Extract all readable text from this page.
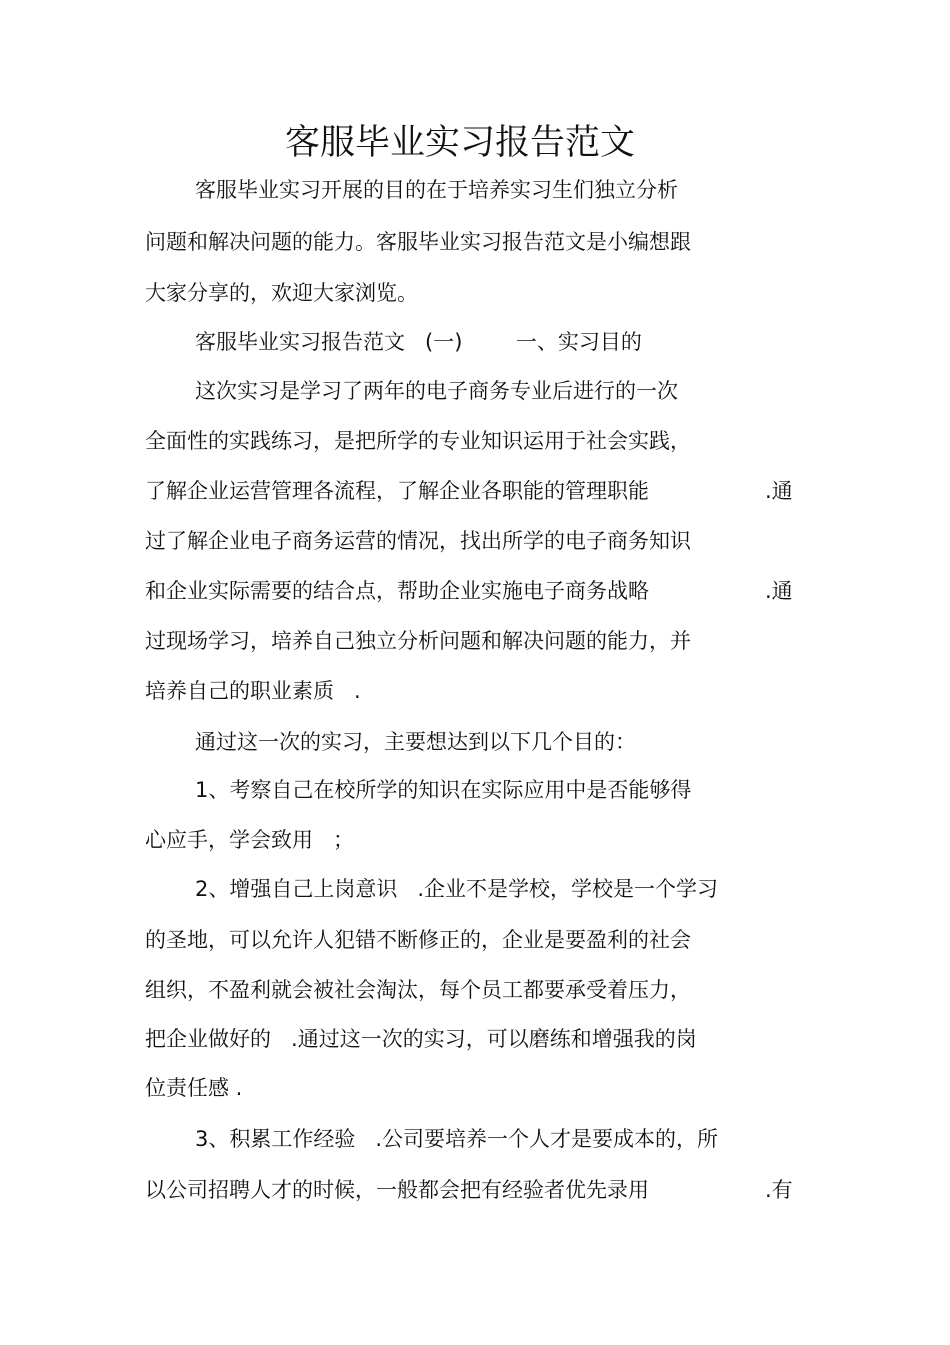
客服毕业实习报告范文
客服毕业实习开展的目的在于培养实习生们独立分析
问题和解决问题的能力。客服毕业实习报告范文是小编想跟
大家分享的，欢迎大家浏览。
客服毕业实习报告范文   (一)        一、实习目的
这次实习是学习了两年的电子商务专业后进行的一次
全面性的实践练习，是把所学的专业知识运用于社会实践，
了解企业运营管理各流程，了解企业各职能的管理职能	.通
过了解企业电子商务运营的情况，找出所学的电子商务知识
和企业实际需要的结合点，帮助企业实施电子商务战略	.通
过现场学习，培养自己独立分析问题和解决问题的能力，并
培养自己的职业素质   .
通过这一次的实习，主要想达到以下几个目的：
1、考察自己在校所学的知识在实际应用中是否能够得
心应手，学会致用   ；
2、增强自己上岗意识   .企业不是学校，学校是一个学习
的圣地，可以允许人犯错不断修正的，企业是要盈利的社会
组织，不盈利就会被社会淘汰，每个员工都要承受着压力，
把企业做好的   .通过这一次的实习，可以磨练和增强我的岗
位责任感 .
3、积累工作经验   .公司要培养一个人才是要成本的，所
以公司招聘人才的时候，一般都会把有经验者优先录用	.有
